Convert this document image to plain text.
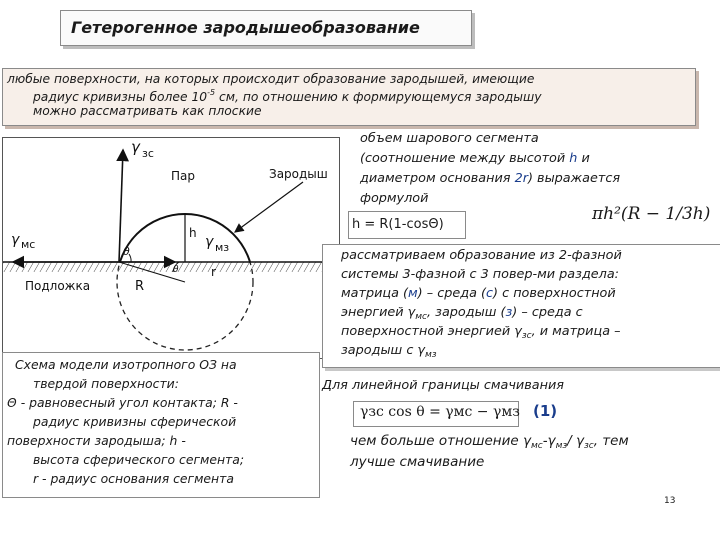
Гетерогенное зародышеобразование
любые поверхности, на которых происходит образование зародышей, имеющие
радиус кривизны более $10^{-5}$ см, по отношению к формирующемуся зародышу
можно рассматривать как плоские
γ зс
Пар	Зародыш
γ мс
h
γ мз
θ
θ	r
Подложка	R
объем шарового сегмента
(соотношение между высотой h и
диаметром основания 2r) выражается
формулой
h = R(1-cosΘ)
πh²(R − 1/3h)
рассматриваем образование из 2-фазной
системы 3-фазной с 3 повер-ми раздела:
матрица (м) – среда (с) с поверхностной
энергией $\gamma_{мс}$, зародыш (з) – среда с
поверхностной энергией $\gamma_{зс}$, и матрица –
зародыш с $\gamma_{мз}$
Схема модели изотропного ОЗ на
твердой поверхности:
Θ - равновесный угол контакта; R -
радиус кривизны сферической
поверхности зародыша; h -
высота сферического сегмента;
r - радиус основания сегмента
Для линейной границы смачивания
γзс cos θ = γмс − γмз (1)
чем больше отношение $\gamma_{мс}-\gamma_{мз}/$ $\gamma_{зс}$, тем
лучше смачивание
13
